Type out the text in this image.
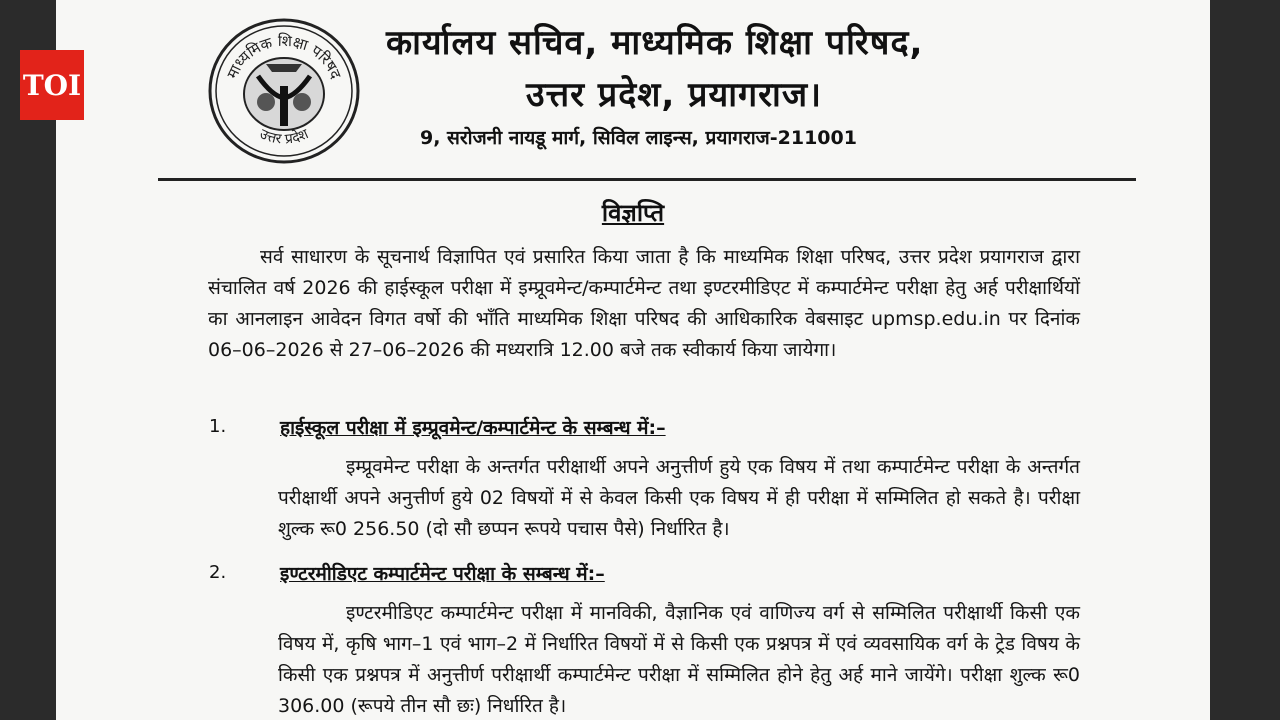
TOI	माध्यमिक शिक्षा परिषद
उत्तर प्रदेश
कार्यालय सचिव, माध्यमिक शिक्षा परिषद,
उत्तर प्रदेश, प्रयागराज।
9, सरोजनी नायडू मार्ग, सिविल लाइन्स, प्रयागराज-211001
विज्ञप्ति
सर्व साधारण के सूचनार्थ विज्ञापित एवं प्रसारित किया जाता है कि माध्यमिक शिक्षा परिषद, उत्तर प्रदेश प्रयागराज द्वारा संचालित वर्ष 2026 की हाईस्कूल परीक्षा में इम्प्रूवमेन्ट/कम्पार्टमेन्ट तथा इण्टरमीडिएट में कम्पार्टमेन्ट परीक्षा हेतु अर्ह परीक्षार्थियों का आनलाइन आवेदन विगत वर्षो की भाँति माध्यमिक शिक्षा परिषद की आधिकारिक वेबसाइट upmsp.edu.in पर दिनांक 06–06–2026 से 27–06–2026 की मध्यरात्रि 12.00 बजे तक स्वीकार्य किया जायेगा।
1.	हाईस्कूल परीक्षा में इम्प्रूवमेन्ट/कम्पार्टमेन्ट के सम्बन्ध में:–
इम्प्रूवमेन्ट परीक्षा के अन्तर्गत परीक्षार्थी अपने अनुत्तीर्ण हुये एक विषय में तथा कम्पार्टमेन्ट परीक्षा के अन्तर्गत परीक्षार्थी अपने अनुत्तीर्ण हुये 02 विषयों में से केवल किसी एक विषय में ही परीक्षा में सम्मिलित हो सकते है। परीक्षा शुल्क रू0 256.50 (दो सौ छप्पन रूपये पचास पैसे) निर्धारित है।
2.	इण्टरमीडिएट कम्पार्टमेन्ट परीक्षा के सम्बन्ध में:–
इण्टरमीडिएट कम्पार्टमेन्ट परीक्षा में मानविकी, वैज्ञानिक एवं वाणिज्य वर्ग से सम्मिलित परीक्षार्थी किसी एक विषय में, कृषि भाग–1 एवं भाग–2 में निर्धारित विषयों में से किसी एक प्रश्नपत्र में एवं व्यवसायिक वर्ग के ट्रेड विषय के किसी एक प्रश्नपत्र में अनुत्तीर्ण परीक्षार्थी कम्पार्टमेन्ट परीक्षा में सम्मिलित होने हेतु अर्ह माने जायेंगे। परीक्षा शुल्क रू0 306.00 (रूपये तीन सौ छः) निर्धारित है।
